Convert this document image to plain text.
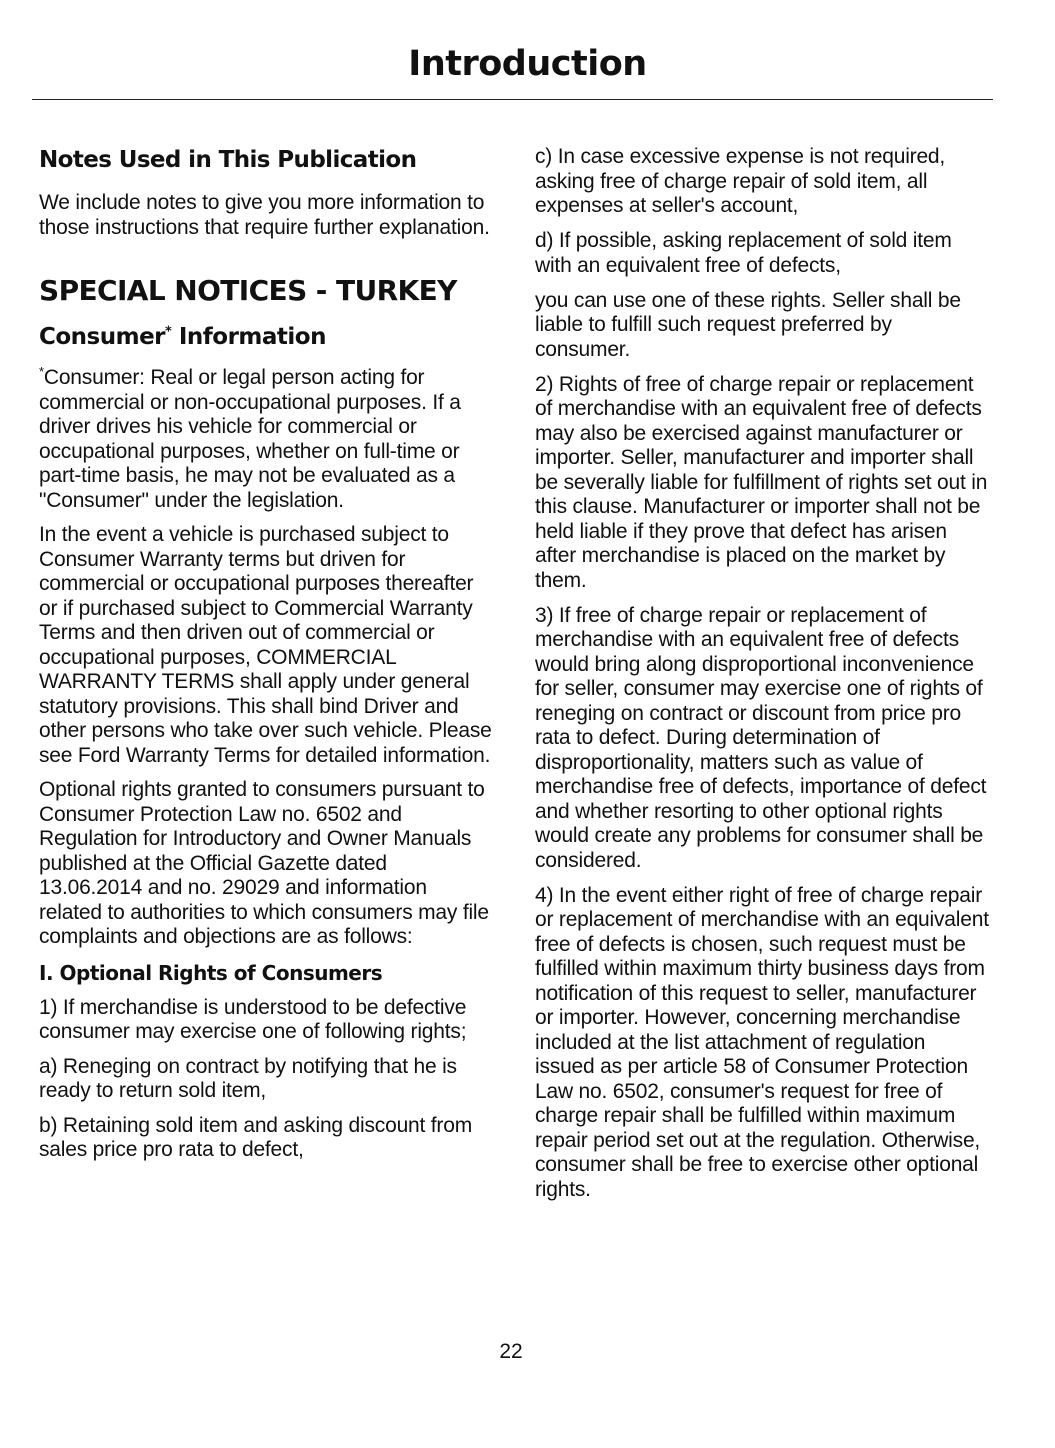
Introduction
Notes Used in This Publication

We include notes to give you more information to those instructions that require further explanation.

SPECIAL NOTICES - TURKEY
Consumer* Information

*Consumer: Real or legal person acting for commercial or non-occupational purposes. If a driver drives his vehicle for commercial or occupational purposes, whether on full-time or part-time basis, he may not be evaluated as a "Consumer" under the legislation.

In the event a vehicle is purchased subject to Consumer Warranty terms but driven for commercial or occupational purposes thereafter or if purchased subject to Commercial Warranty Terms and then driven out of commercial or occupational purposes, COMMERCIAL WARRANTY TERMS shall apply under general statutory provisions. This shall bind Driver and other persons who take over such vehicle. Please see Ford Warranty Terms for detailed information.

Optional rights granted to consumers pursuant to Consumer Protection Law no. 6502 and Regulation for Introductory and Owner Manuals published at the Official Gazette dated 13.06.2014 and no. 29029 and information related to authorities to which consumers may file complaints and objections are as follows:

I. Optional Rights of Consumers

1) If merchandise is understood to be defective consumer may exercise one of following rights;

a) Reneging on contract by notifying that he is ready to return sold item,

b) Retaining sold item and asking discount from sales price pro rata to defect,

c) In case excessive expense is not required, asking free of charge repair of sold item, all expenses at seller's account,

d) If possible, asking replacement of sold item with an equivalent free of defects,

you can use one of these rights. Seller shall be liable to fulfill such request preferred by consumer.

2) Rights of free of charge repair or replacement of merchandise with an equivalent free of defects may also be exercised against manufacturer or importer. Seller, manufacturer and importer shall be severally liable for fulfillment of rights set out in this clause. Manufacturer or importer shall not be held liable if they prove that defect has arisen after merchandise is placed on the market by them.

3) If free of charge repair or replacement of merchandise with an equivalent free of defects would bring along disproportional inconvenience for seller, consumer may exercise one of rights of reneging on contract or discount from price pro rata to defect. During determination of disproportionality, matters such as value of merchandise free of defects, importance of defect and whether resorting to other optional rights would create any problems for consumer shall be considered.

4) In the event either right of free of charge repair or replacement of merchandise with an equivalent free of defects is chosen, such request must be fulfilled within maximum thirty business days from notification of this request to seller, manufacturer or importer. However, concerning merchandise included at the list attachment of regulation issued as per article 58 of Consumer Protection Law no. 6502, consumer's request for free of charge repair shall be fulfilled within maximum repair period set out at the regulation. Otherwise, consumer shall be free to exercise other optional rights.

22
